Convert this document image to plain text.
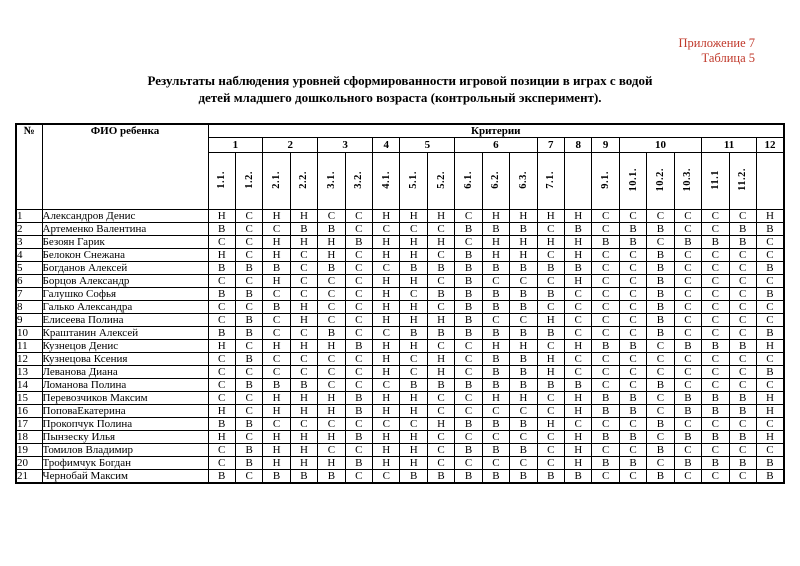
Приложение 7
Таблица 5
Результаты наблюдения уровней сформированности игровой позиции в играх с водой
детей младшего дошкольного возраста (контрольный эксперимент).
№	ФИО ребенка	Критерии																				
		1		2		3		4	5		6			7	8	9	10			11		12
		1.1.	1.2.	2.1.	2.2.	3.1.	3.2.	4.1.	5.1.	5.2.	6.1.	6.2.	6.3.	7.1.		9.1.	10.1.	10.2.	10.3.	11.1	11.2.	
1	Александров Денис	Н	С	Н	Н	С	С	Н	Н	Н	С	Н	Н	Н	Н	С	С	С	С	С	С	Н
2	Артеменко Валентина	В	С	С	В	В	С	С	С	С	В	В	В	С	В	С	В	В	С	С	В	В
3	Безоян Гарик	С	С	Н	Н	Н	В	Н	Н	Н	С	Н	Н	Н	Н	В	В	С	В	В	В	С
4	Белокон Снежана	Н	С	Н	С	Н	С	Н	Н	С	В	Н	Н	С	Н	С	С	В	С	С	С	С
5	Богданов Алексей	В	В	В	С	В	С	С	В	В	В	В	В	В	В	С	С	В	С	С	С	В
6	Борцов Александр	С	С	Н	С	С	С	Н	Н	С	В	С	С	С	Н	С	С	В	С	С	С	С
7	Галушко Софья	В	В	С	С	С	С	Н	С	В	В	В	В	В	С	С	С	В	С	С	С	В
8	Галько Александра	С	С	В	Н	С	С	Н	Н	С	В	В	В	С	С	С	С	В	С	С	С	С
9	Елисеева Полина	С	В	С	Н	С	С	Н	Н	Н	В	С	С	Н	С	С	С	В	С	С	С	С
10	Краштанин Алексей	В	В	С	С	В	С	С	В	В	В	В	В	В	С	С	С	В	С	С	С	В
11	Кузнецов Денис	Н	С	Н	Н	Н	В	Н	Н	С	С	Н	Н	С	Н	В	В	С	В	В	В	Н
12	Кузнецова Ксения	С	В	С	С	С	С	Н	С	Н	С	В	В	Н	С	С	С	С	С	С	С	С
13	Леванова Диана	С	С	С	С	С	С	Н	С	Н	С	В	В	Н	С	С	С	С	С	С	С	В
14	Ломанова Полина	С	В	В	В	С	С	С	В	В	В	В	В	В	В	С	С	В	С	С	С	С
15	Перевозчиков Максим	С	С	Н	Н	Н	В	Н	Н	С	С	Н	Н	С	Н	В	В	С	В	В	В	Н
16	ПоповаЕкатерина	Н	С	Н	Н	Н	В	Н	Н	С	С	С	С	С	Н	В	В	С	В	В	В	Н
17	Прокопчук Полина	В	В	С	С	С	С	С	С	Н	В	В	В	Н	С	С	С	В	С	С	С	С
18	Пынзеску Илья	Н	С	Н	Н	Н	В	Н	Н	С	С	С	С	С	Н	В	В	С	В	В	В	Н
19	Томилов Владимир	С	В	Н	Н	С	С	Н	Н	С	В	В	В	С	Н	С	С	В	С	С	С	С
20	Трофимчук Богдан	С	В	Н	Н	Н	В	Н	Н	С	С	С	С	С	Н	В	В	С	В	В	В	В
21	Чернобай Максим	В	С	В	В	В	С	С	В	В	В	В	В	В	В	С	С	В	С	С	С	В
